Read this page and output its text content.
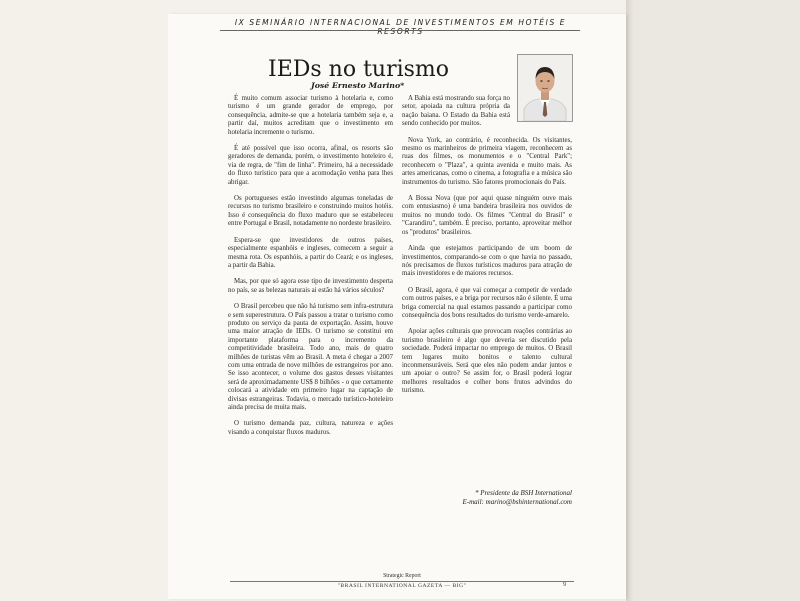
IX SEMINÁRIO INTERNACIONAL DE INVESTIMENTOS EM HOTÉIS E RESORTS
IEDs no turismo
José Ernesto Marino*

É muito comum associar turismo à hotelaria e, como turismo é um grande gerador de emprego, por consequência, admite-se que a hotelaria também seja e, a partir daí, muitos acreditam que o investimento em hotelaria incremente o turismo.

É até possível que isso ocorra, afinal, os resorts são geradores de demanda, porém, o investimento hoteleiro é, via de regra, de "fim de linha". Primeiro, há a necessidade do fluxo turístico para que a acomodação venha para lhes abrigar.

Os portugueses estão investindo algumas toneladas de recursos no turismo brasileiro e construindo muitos hotéis. Isso é consequência do fluxo maduro que se estabeleceu entre Portugal e Brasil, notadamente no nordeste brasileiro.

Espera-se que investidores de outros países, especialmente espanhóis e ingleses, comecem a seguir a mesma rota. Os espanhóis, a partir do Ceará; e os ingleses, a partir da Bahia.

Mas, por que só agora esse tipo de investimento desperta no país, se as belezas naturais ai estão há vários séculos?

O Brasil percebeu que não há turismo sem infra-estrutura e sem superestrutura. O País passou a tratar o turismo como produto ou serviço da pauta de exportação. Assim, houve uma maior atração de IEDs. O turismo se constitui em importante plataforma para o incremento da competitividade brasileira. Todo ano, mais de quatro milhões de turistas vêm ao Brasil. A meta é chegar a 2007 com uma entrada de nove milhões de estrangeiros por ano. Se isso acontecer, o volume dos gastos desses visitantes será de aproximadamente US$ 8 bilhões - o que certamente colocará a atividade em primeiro lugar na captação de divisas estrangeiras. Todavia, o mercado turístico-hoteleiro ainda precisa de muita mais.

O turismo demanda paz, cultura, natureza e ações visando a conquistar fluxos maduros.

A Bahia está mostrando sua força no setor, apoiada na cultura própria da nação baiana. O Estado da Bahia está sendo conhecido por muitos.

Nova York, ao contrário, é reconhecida. Os visitantes, mesmo os marinheiros de primeira viagem, reconhecem as ruas dos filmes, os monumentos e o "Central Park"; reconhecem o "Plaza", a quinta avenida e muito mais. As artes americanas, como o cinema, a fotografia e a música são instrumentos do turismo. São fatores promocionais do País.

A Bossa Nova (que por aqui quase ninguém ouve mais com entusiasmo) é uma bandeira brasileira nos ouvidos de muitos no mundo todo. Os filmes "Central do Brasil" e "Carandiru", também. É preciso, portanto, aproveitar melhor os "produtos" brasileiros.

Ainda que estejamos participando de um boom de investimentos, comparando-se com o que havia no passado, nós precisamos de fluxos turísticos maduros para atração de mais investidores e de maiores recursos.

O Brasil, agora, é que vai começar a competir de verdade com outros países, e a briga por recursos não é silente. É uma briga comercial na qual estamos passando a participar como consequência dos bons resultados do turismo verde-amarelo.

Apoiar ações culturais que provocam reações contrárias ao turismo brasileiro é algo que deveria ser discutido pela sociedade. Poderá impactar no emprego de muitos. O Brasil tem lugares muito bonitos e talento cultural inconmensuráveis. Será que eles não podem andar juntos e um apoiar o outro? Se assim for, o Brasil poderá lograr melhores resultados e colher bons frutos advindos do turismo.

* Presidente da BSH International
E-mail: marino@bshinternational.com
Strategic Report
"BRASIL INTERNATIONAL GAZETA — BIG"	9
